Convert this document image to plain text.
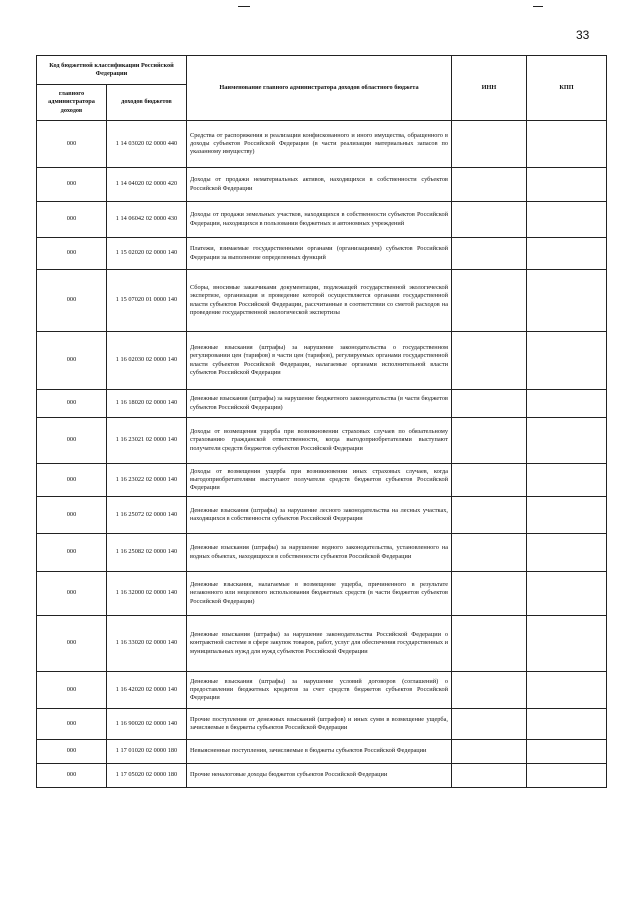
33
Код бюджетной классификации Российской Федерации		Наименование главного администратора доходов областного бюджета	ИНН	КПП
главного администратора доходов	доходов бюджетов			
000	1 14 03020 02 0000 440	Средства от распоряжения и реализации конфискованного и иного имущества, обращенного в доходы субъектов Российской Федерации (в части реализации материальных запасов по указанному имуществу)		
000	1 14 04020 02 0000 420	Доходы от продажи нематериальных активов, находящихся в собственности субъектов Российской Федерации		
000	1 14 06042 02 0000 430	Доходы от продажи земельных участков, находящихся в собственности субъектов Российской Федерации, находящихся в пользовании бюджетных и автономных учреждений		
000	1 15 02020 02 0000 140	Платежи, взимаемые государственными органами (организациями) субъектов Российской Федерации за выполнение определенных функций		
000	1 15 07020 01 0000 140	Сборы, вносимые заказчиками документации, подлежащей государственной экологической экспертизе, организация и проведение которой осуществляется органами государственной власти субъектов Российской Федерации, рассчитанные в соответствии со сметой расходов на проведение государственной экологической экспертизы		
000	1 16 02030 02 0000 140	Денежные взыскания (штрафы) за нарушение законодательства о государственном регулировании цен (тарифов) в части цен (тарифов), регулируемых органами государственной власти субъектов Российской Федерации, налагаемые органами исполнительной власти субъектов Российской Федерации		
000	1 16 18020 02 0000 140	Денежные взыскания (штрафы) за нарушение бюджетного законодательства (в части бюджетов субъектов Российской Федерации)		
000	1 16 23021 02 0000 140	Доходы от возмещения ущерба при возникновении страховых случаев по обязательному страхованию гражданской ответственности, когда выгодоприобретателями выступают получатели средств бюджетов субъектов Российской Федерации		
000	1 16 23022 02 0000 140	Доходы от возмещения ущерба при возникновении иных страховых случаев, когда выгодоприобретателями выступают получатели средств бюджетов субъектов Российской Федерации		
000	1 16 25072 02 0000 140	Денежные взыскания (штрафы) за нарушение лесного законодательства на лесных участках, находящихся в собственности субъектов Российской Федерации		
000	1 16 25082 02 0000 140	Денежные взыскания (штрафы) за нарушение водного законодательства, установленного на водных объектах, находящихся в собственности субъектов Российской Федерации		
000	1 16 32000 02 0000 140	Денежные взыскания, налагаемые в возмещение ущерба, причиненного в результате незаконного или нецелевого использования бюджетных средств (в части бюджетов субъектов Российской Федерации)		
000	1 16 33020 02 0000 140	Денежные взыскания (штрафы) за нарушение законодательства Российской Федерации о контрактной системе в сфере закупок товаров, работ, услуг для обеспечения государственных и муниципальных нужд для нужд субъектов Российской Федерации		
000	1 16 42020 02 0000 140	Денежные взыскания (штрафы) за нарушение условий договоров (соглашений) о предоставлении бюджетных кредитов за счет средств бюджетов субъектов Российской Федерации		
000	1 16 90020 02 0000 140	Прочие поступления от денежных взысканий (штрафов) и иных сумм в возмещение ущерба, зачисляемые в бюджеты субъектов Российской Федерации		
000	1 17 01020 02 0000 180	Невыясненные поступления, зачисляемые в бюджеты субъектов Российской Федерации		
000	1 17 05020 02 0000 180	Прочие неналоговые доходы бюджетов субъектов Российской Федерации		
